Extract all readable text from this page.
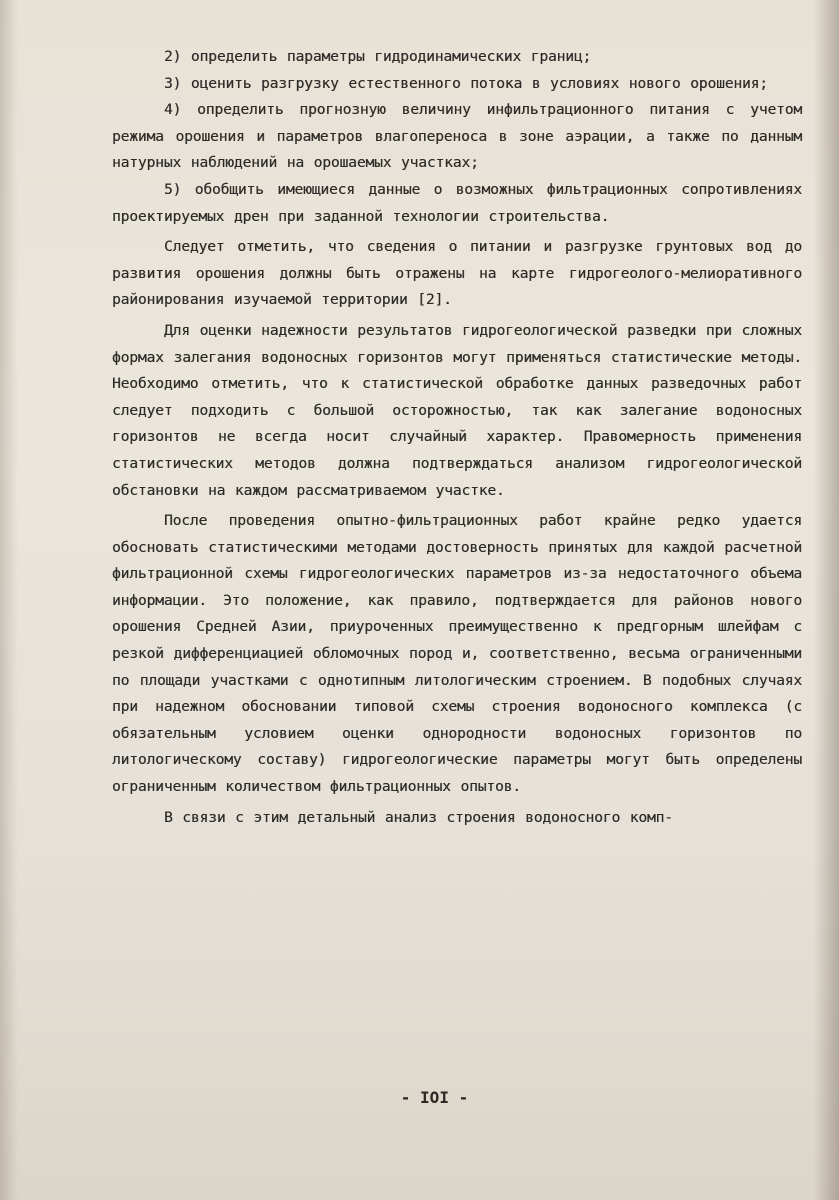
2) определить параметры гидродинамических границ;

3) оценить разгрузку естественного потока в условиях нового орошения;

4) определить прогнозную величину инфильтрационного питания с учетом режима орошения и параметров влагопереноса в зоне аэрации, а также по данным натурных наблюдений на орошаемых участках;

5) обобщить имеющиеся данные о возможных фильтрационных сопротивлениях проектируемых дрен при заданной технологии строительства.

Следует отметить, что сведения о питании и разгрузке грунтовых вод до развития орошения должны быть отражены на карте гидрогеолого-мелиоративного районирования изучаемой территории [2].

Для оценки надежности результатов гидрогеологической разведки при сложных формах залегания водоносных горизонтов могут применяться статистические методы. Необходимо отметить, что к статистической обработке данных разведочных работ следует подходить с большой осторожностью, так как залегание водоносных горизонтов не всегда носит случайный характер. Правомерность применения статистических методов должна подтверждаться анализом гидрогеологической обстановки на каждом рассматриваемом участке.

После проведения опытно-фильтрационных работ крайне редко удается обосновать статистическими методами достоверность принятых для каждой расчетной фильтрационной схемы гидрогеологических параметров из-за недостаточного объема информации. Это положение, как правило, подтверждается для районов нового орошения Средней Азии, приуроченных преимущественно к предгорным шлейфам с резкой дифференциацией обломочных пород и, соответственно, весьма ограниченными по площади участками с однотипным литологическим строением. В подобных случаях при надежном обосновании типовой схемы строения водоносного комплекса (с обязательным условием оценки однородности водоносных горизонтов по литологическому составу) гидрогеологические параметры могут быть определены ограниченным количеством фильтрационных опытов.

В связи с этим детальный анализ строения водоносного комп-

- IOI -
